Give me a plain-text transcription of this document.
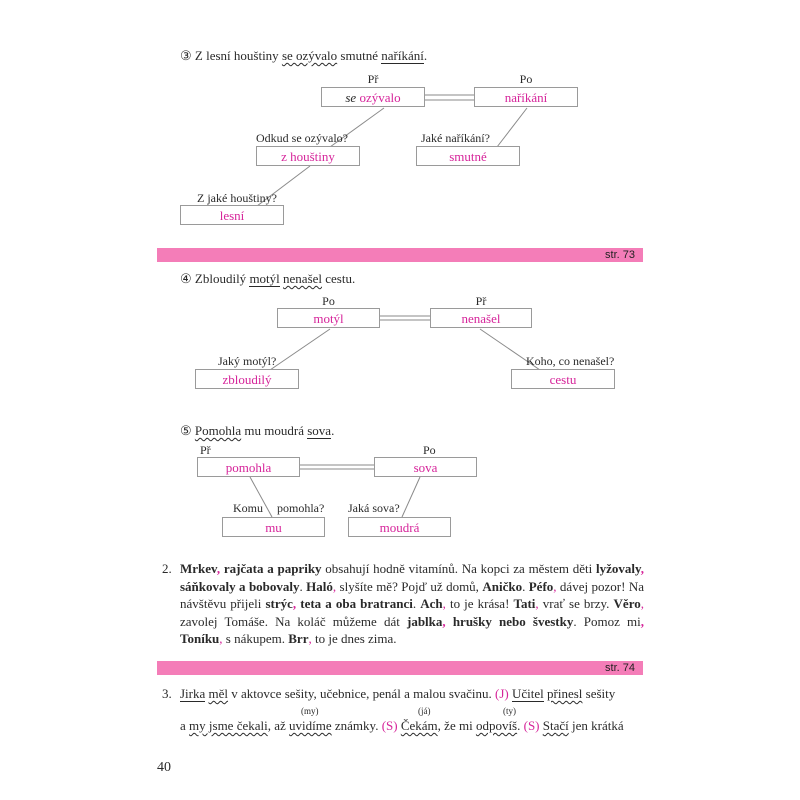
③ Z lesní houštiny se ozývalo smutné naříkání.
Př	Po
se ozývalo	naříkání
Odkud se ozývalo?
z houštiny
Jaké naříkání?
smutné
Z jaké houštiny?
lesní
str. 73
④ Zbloudilý motýl nenašel cestu.
Po	Př
motýl	nenašel
Jaký motýl?
zbloudilý
Koho, co nenašel?
cestu
⑤ Pomohla mu moudrá sova.
Př	Po
pomohla	sova
Komu pomohla?
mu
Jaká sova?
moudrá
2. Mrkev, rajčata a papriky obsahují hodně vitamínů. Na kopci za městem děti lyžovaly, sáňkovaly a bobovaly. Haló, slyšíte mě? Pojď už domů, Aničko. Péfo, dávej pozor! Na návštěvu přijeli strýc, teta a oba bratranci. Ach, to je krása! Tati, vrať se brzy. Věro, zavolej Tomáše. Na koláč můžeme dát jablka, hrušky nebo švestky. Pomoz mi, Toníku, s nákupem. Brr, to je dnes zima.
str. 74
3. Jirka měl v aktovce sešity, učebnice, penál a malou svačinu. (J) Učitel přinesl sešity
(my)	(já)	(ty)
a my jsme čekali, až uvidíme známky. (S) Čekám, že mi odpovíš. (S) Stačí jen krátká
40
